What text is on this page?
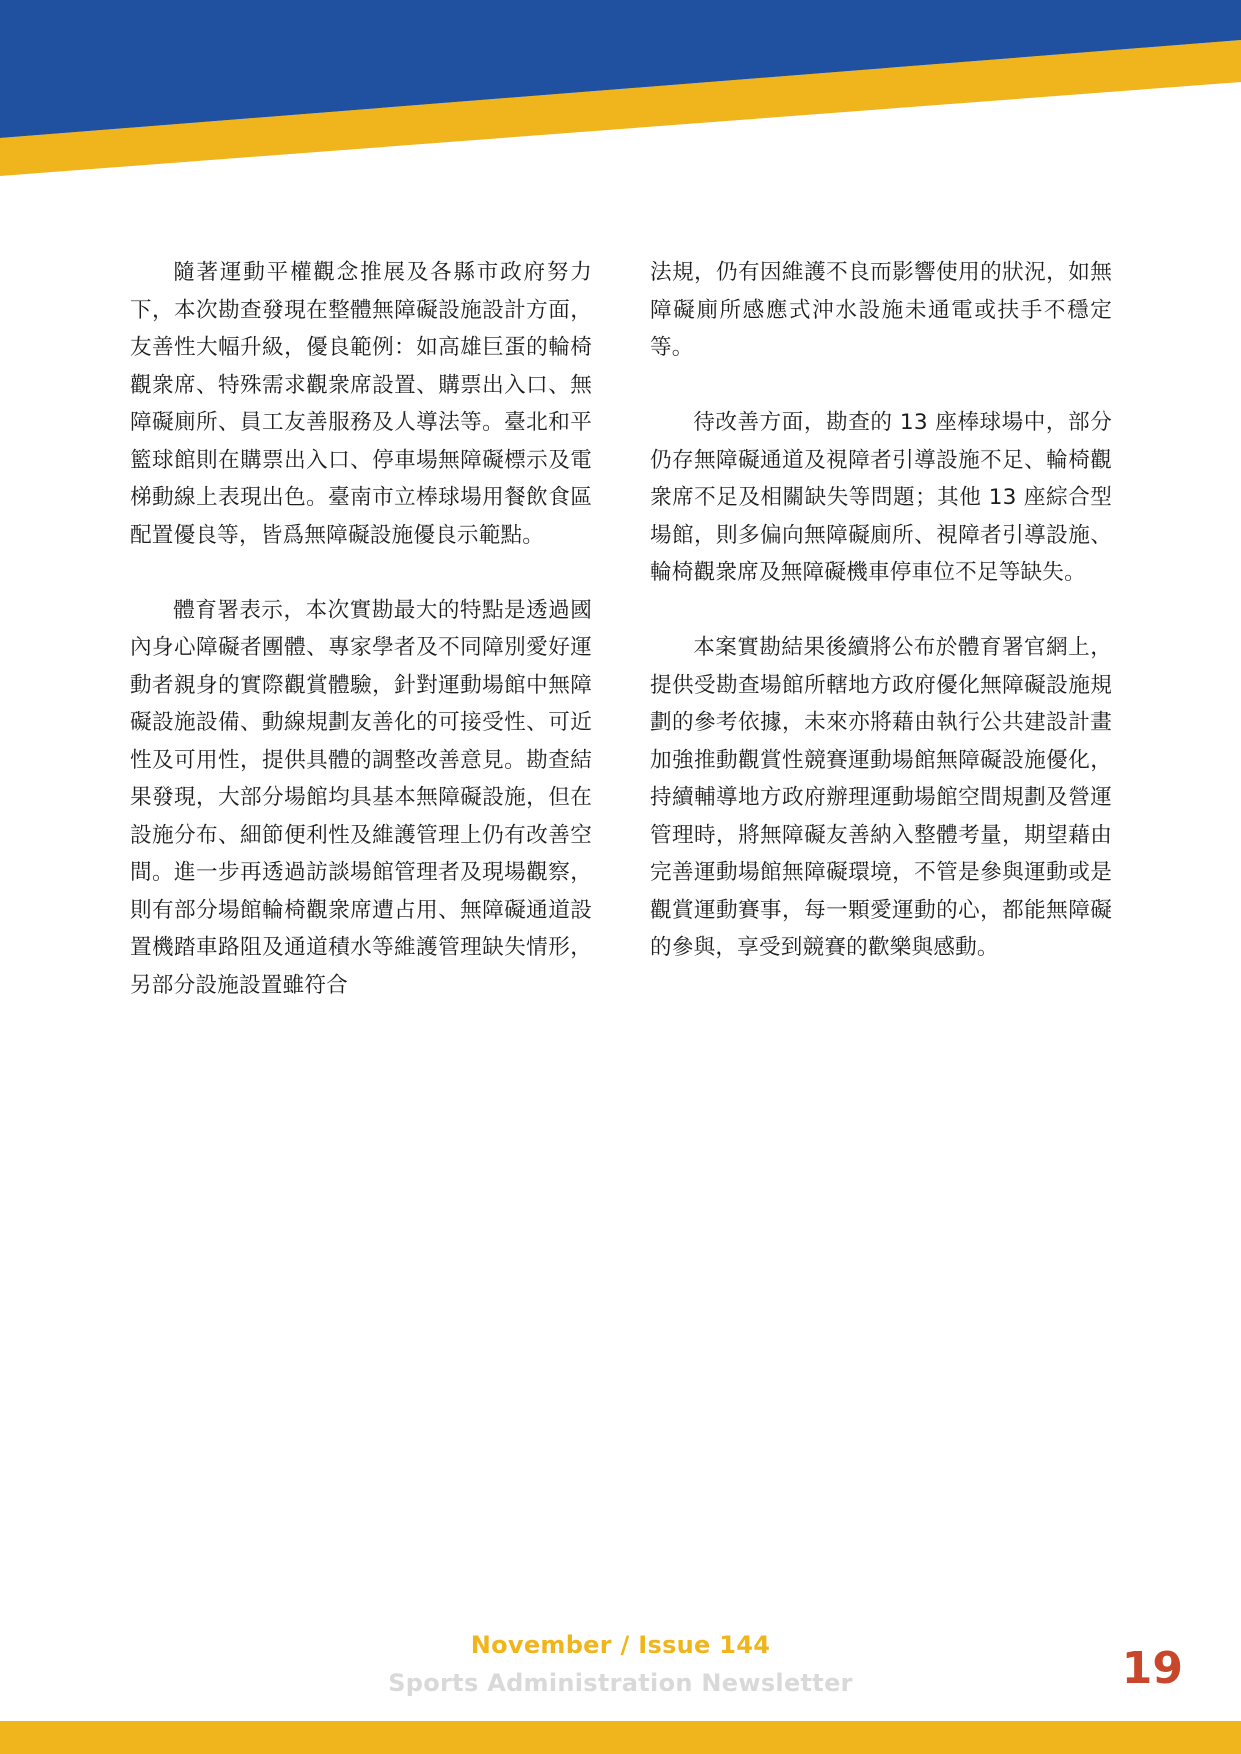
隨著運動平權觀念推展及各縣市政府努力下，本次勘查發現在整體無障礙設施設計方面，友善性大幅升級，優良範例：如高雄巨蛋的輪椅觀衆席、特殊需求觀衆席設置、購票出入口、無障礙廁所、員工友善服務及人導法等。臺北和平籃球館則在購票出入口、停車場無障礙標示及電梯動線上表現出色。臺南市立棒球場用餐飲食區配置優良等，皆爲無障礙設施優良示範點。

體育署表示，本次實勘最大的特點是透過國內身心障礙者團體、專家學者及不同障別愛好運動者親身的實際觀賞體驗，針對運動場館中無障礙設施設備、動線規劃友善化的可接受性、可近性及可用性，提供具體的調整改善意見。勘查結果發現，大部分場館均具基本無障礙設施，但在設施分布、細節便利性及維護管理上仍有改善空間。進一步再透過訪談場館管理者及現場觀察，則有部分場館輪椅觀衆席遭占用、無障礙通道設置機踏車路阻及通道積水等維護管理缺失情形，另部分設施設置雖符合

法規，仍有因維護不良而影響使用的狀況，如無障礙廁所感應式沖水設施未通電或扶手不穩定等。

待改善方面，勘查的 13 座棒球場中，部分仍存無障礙通道及視障者引導設施不足、輪椅觀衆席不足及相關缺失等問題；其他 13 座綜合型場館，則多偏向無障礙廁所、視障者引導設施、輪椅觀衆席及無障礙機車停車位不足等缺失。

本案實勘結果後續將公布於體育署官網上，提供受勘查場館所轄地方政府優化無障礙設施規劃的參考依據，未來亦將藉由執行公共建設計畫加強推動觀賞性競賽運動場館無障礙設施優化，持續輔導地方政府辦理運動場館空間規劃及營運管理時，將無障礙友善納入整體考量，期望藉由完善運動場館無障礙環境，不管是參與運動或是觀賞運動賽事，每一顆愛運動的心，都能無障礙的參與，享受到競賽的歡樂與感動。

November / Issue 144
Sports Administration Newsletter	19
